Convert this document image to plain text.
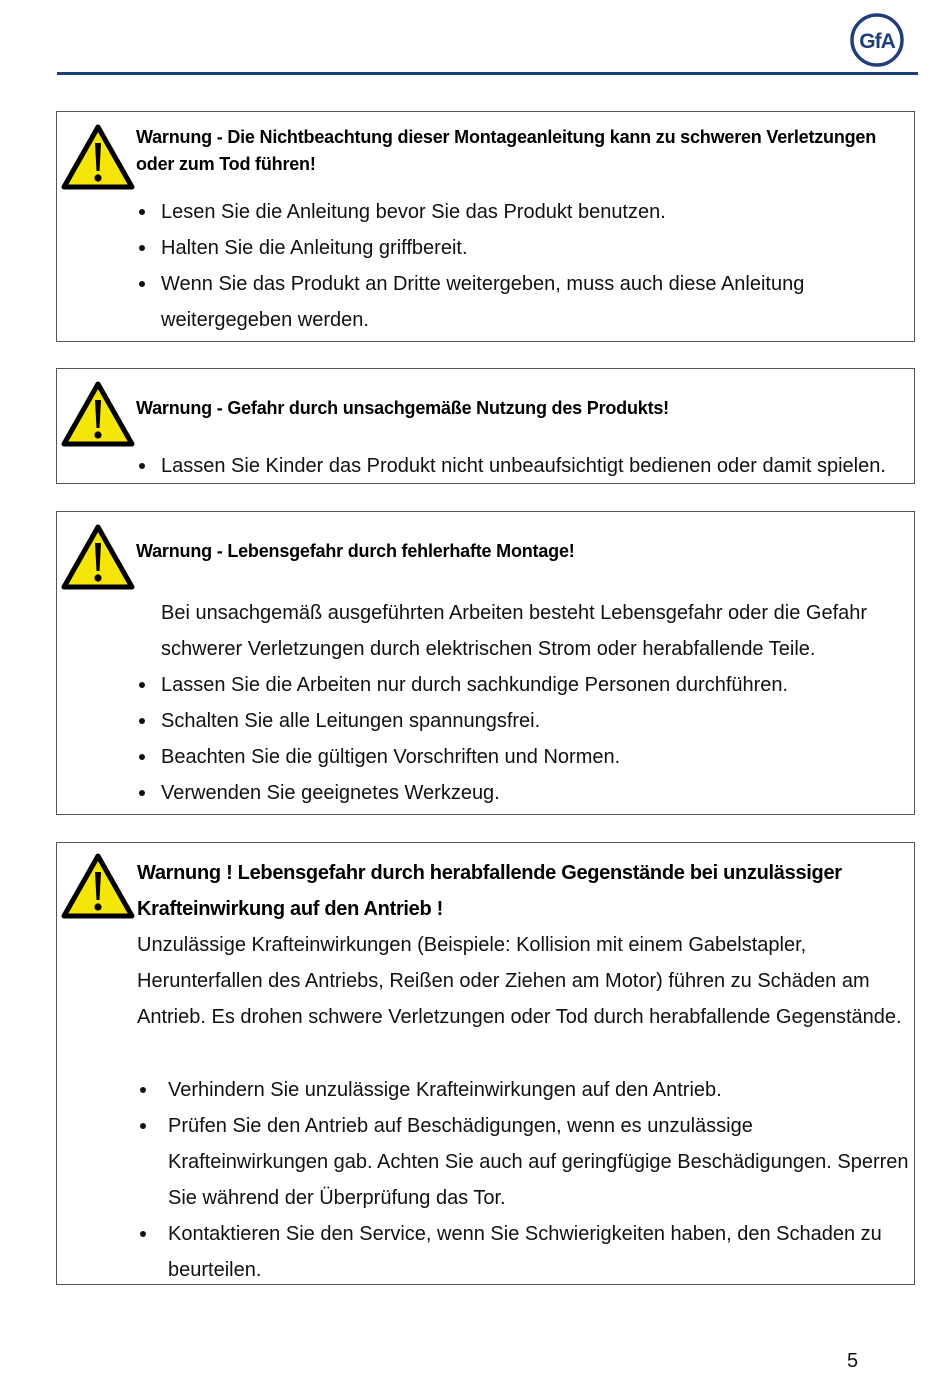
GfA
Warnung - Die Nichtbeachtung dieser Montageanleitung kann zu schweren Verletzungen oder zum Tod führen!
Lesen Sie die Anleitung bevor Sie das Produkt benutzen.
Halten Sie die Anleitung griffbereit.
Wenn Sie das Produkt an Dritte weitergeben, muss auch diese Anleitung weitergegeben werden.
Warnung - Gefahr durch unsachgemäße Nutzung des Produkts!
Lassen Sie Kinder das Produkt nicht unbeaufsichtigt bedienen oder damit spielen.
Warnung - Lebensgefahr durch fehlerhafte Montage!
Bei unsachgemäß ausgeführten Arbeiten besteht Lebensgefahr oder die Gefahr schwerer Verletzungen durch elektrischen Strom oder herabfallende Teile.
Lassen Sie die Arbeiten nur durch sachkundige Personen durchführen.
Schalten Sie alle Leitungen spannungsfrei.
Beachten Sie die gültigen Vorschriften und Normen.
Verwenden Sie geeignetes Werkzeug.
Warnung ! Lebensgefahr durch herabfallende Gegenstände bei unzulässiger Krafteinwirkung auf den Antrieb !
Unzulässige Krafteinwirkungen (Beispiele: Kollision mit einem Gabelstapler, Herunterfallen des Antriebs, Reißen oder Ziehen am Motor) führen zu Schäden am Antrieb. Es drohen schwere Verletzungen oder Tod durch herabfallende Gegenstände.
Verhindern Sie unzulässige Krafteinwirkungen auf den Antrieb.
Prüfen Sie den Antrieb auf Beschädigungen, wenn es unzulässige Krafteinwirkungen gab. Achten Sie auch auf geringfügige Beschädigungen. Sperren Sie während der Überprüfung das Tor.
Kontaktieren Sie den Service, wenn Sie Schwierigkeiten haben, den Schaden zu beurteilen.
5
